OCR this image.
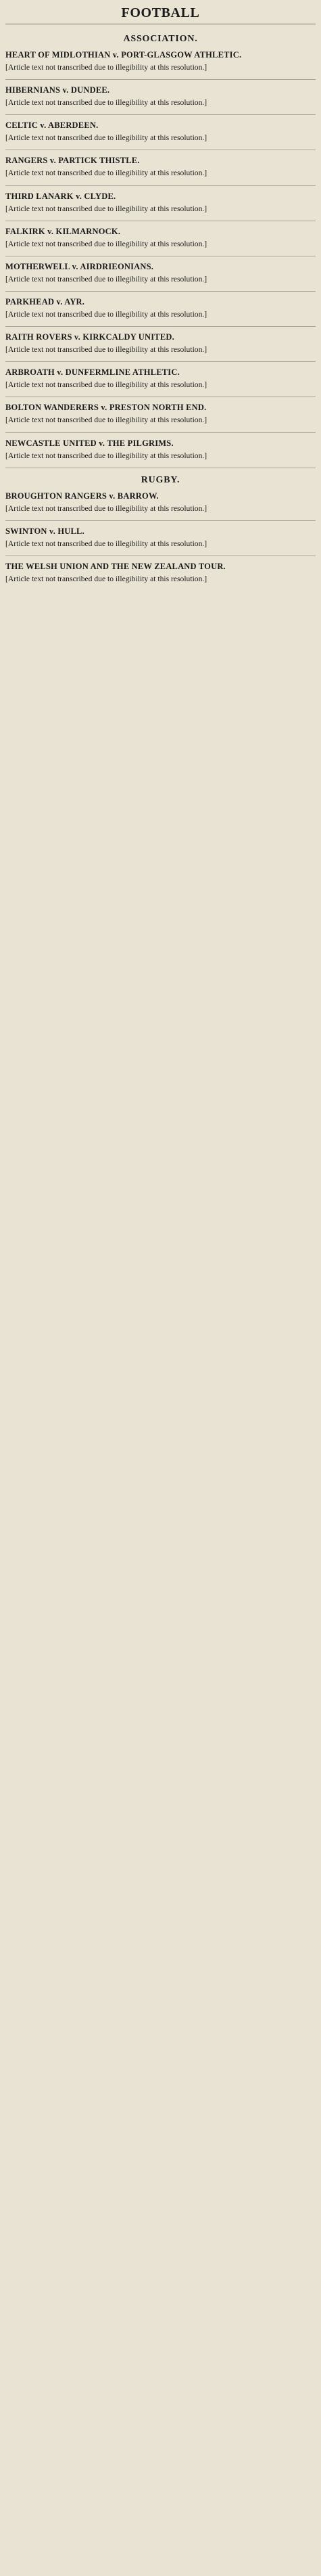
FOOTBALL
ASSOCIATION.
HEART OF MIDLOTHIAN v. PORT-GLASGOW ATHLETIC.
[Article text not transcribed due to illegibility at this resolution.]
HIBERNIANS v. DUNDEE.
[Article text not transcribed due to illegibility at this resolution.]
CELTIC v. ABERDEEN.
[Article text not transcribed due to illegibility at this resolution.]
RANGERS v. PARTICK THISTLE.
[Article text not transcribed due to illegibility at this resolution.]
THIRD LANARK v. CLYDE.
[Article text not transcribed due to illegibility at this resolution.]
FALKIRK v. KILMARNOCK.
[Article text not transcribed due to illegibility at this resolution.]
MOTHERWELL v. AIRDRIEONIANS.
[Article text not transcribed due to illegibility at this resolution.]
PARKHEAD v. AYR.
[Article text not transcribed due to illegibility at this resolution.]
RAITH ROVERS v. KIRKCALDY UNITED.
[Article text not transcribed due to illegibility at this resolution.]
ARBROATH v. DUNFERMLINE ATHLETIC.
[Article text not transcribed due to illegibility at this resolution.]
BOLTON WANDERERS v. PRESTON NORTH END.
[Article text not transcribed due to illegibility at this resolution.]
NEWCASTLE UNITED v. THE PILGRIMS.
[Article text not transcribed due to illegibility at this resolution.]
RUGBY.
BROUGHTON RANGERS v. BARROW.
[Article text not transcribed due to illegibility at this resolution.]
SWINTON v. HULL.
[Article text not transcribed due to illegibility at this resolution.]
THE WELSH UNION AND THE NEW ZEALAND TOUR.
[Article text not transcribed due to illegibility at this resolution.]
